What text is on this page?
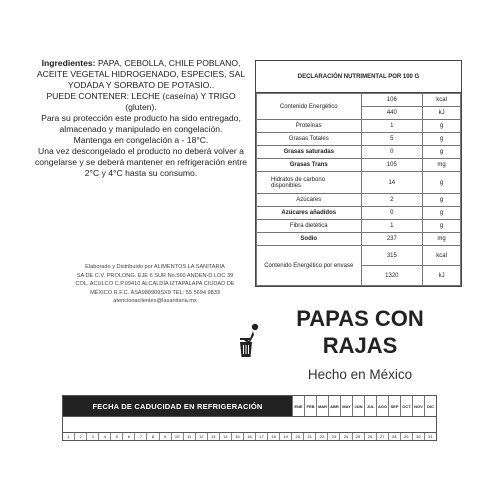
Ingredientes: PAPA, CEBOLLA, CHILE POBLANO, ACEITE VEGETAL HIDROGENADO, ESPECIES, SAL YODADA Y SORBATO DE POTASIO..

PUEDE CONTENER: LECHE (caseína) Y TRIGO (gluten).

Para su protección este producto ha sido entregado, almacenado y manipulado en congelación.

Mantenga en congelación a - 18°C.

Una vez descongelado el producto no deberá volver a congelarse y se deberá mantener en refrigeración entre 2°C y 4°C hasta su consumo.

DECLARACIÓN NUTRIMENTAL POR 100 G
Contenido Energético	106	kcal
	440	kJ
Proteínas	1	g
Grasas Totales	5	g
Grasas saturadas	0	g
Grasas Trans	105	mg
Hidratos de carbono disponibles	14	g
Azúcares	2	g
Azúcares añadidos	0	g
Fibra dietética	1	g
Sodio	237	mg
Contenido Energético por envase	315	kcal
	1320	kJ
Elaborado y Distribuido por ALIMENTOS LA SANITARIA
SA DE C.V. PROLONG. EJE 6 SUR No.560 ANDEN-D LOC 39
COL. ACULCO C.P.09410 ALCALDÍA IZTAPALAPA CIUDAD DE
MÉXICO R.F.C. ASA980909SX9 TEL: 55 5694 9833
atencionaclientes@lasanitaria.mx
PAPAS CON
RAJAS
Hecho en México
FECHA DE CADUCIDAD EN REFRIGERACIÓN	ENE FEB MAR ABR MAY JUN	JUL AGO SEP OCT NOV	DIC
1	2	3	4	5	6	7	8	9	10	11	12	13	14	15	16	17	18	19	20	21	22	23	24	25	26	27	28	29	30	31
